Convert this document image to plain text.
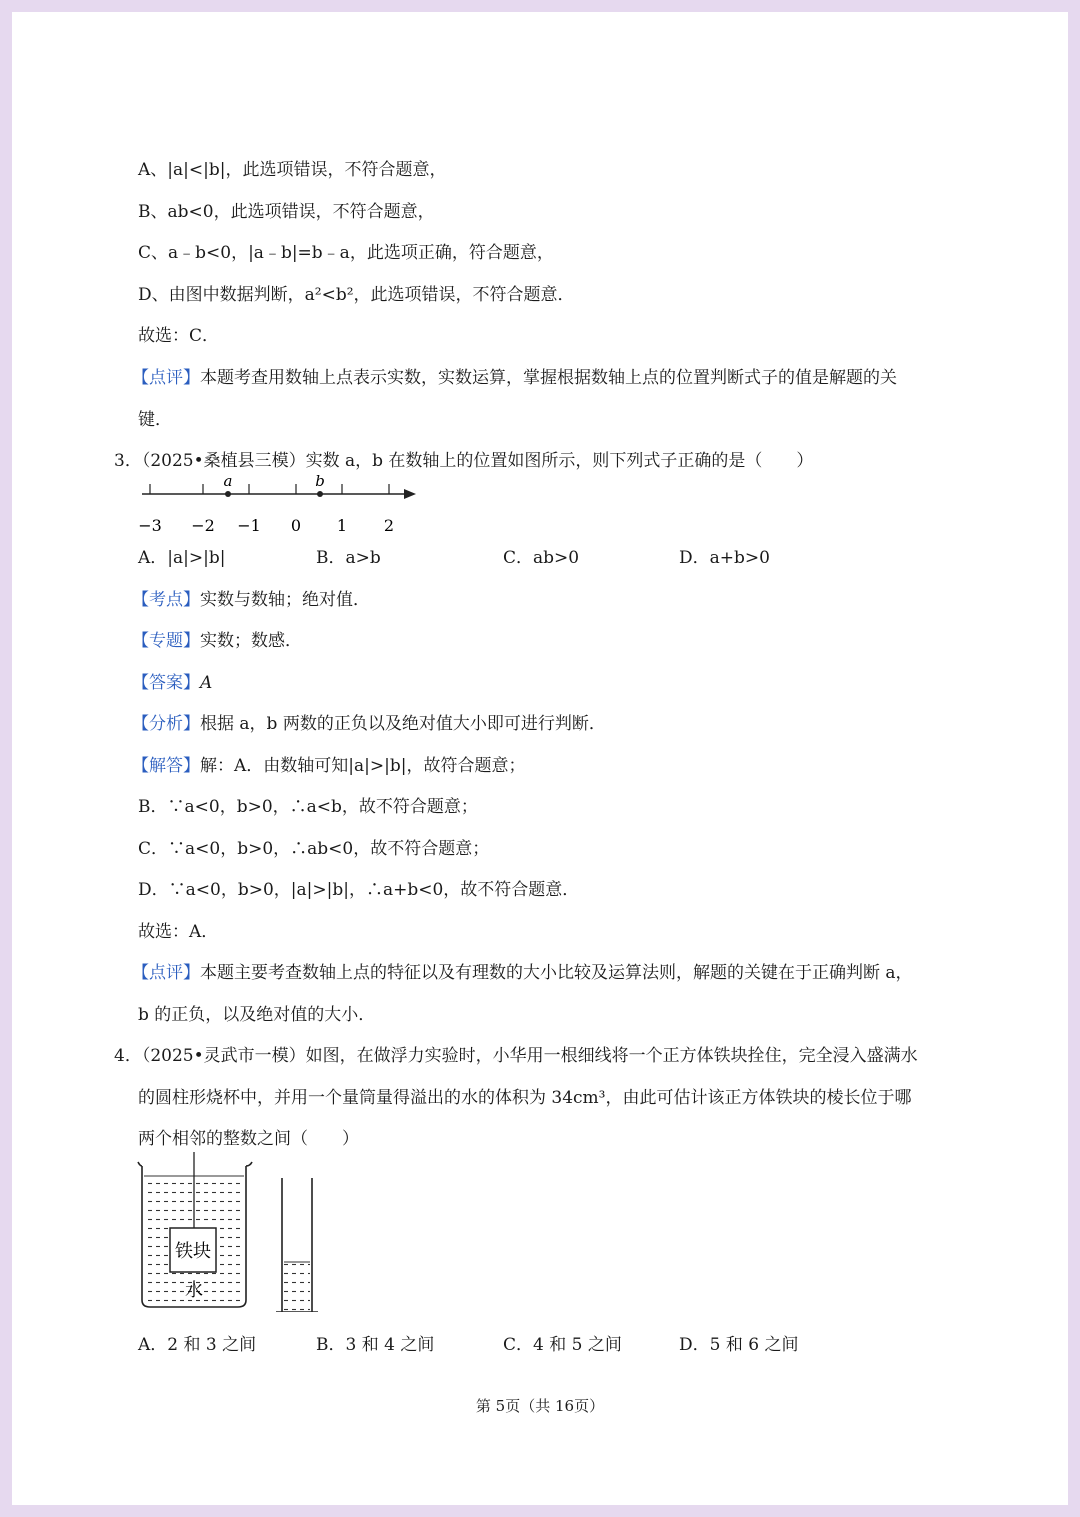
A、|a|<|b|，此选项错误，不符合题意，
B、ab<0，此选项错误，不符合题意，
C、a﹣b<0，|a﹣b|=b﹣a，此选项正确，符合题意，
D、由图中数据判断，a²<b²，此选项错误，不符合题意．
故选：C．
【点评】本题考查用数轴上点表示实数，实数运算，掌握根据数轴上点的位置判断式子的值是解题的关
键．
3．（2025•桑植县三模）实数 a，b 在数轴上的位置如图所示，则下列式子正确的是（　　）
a	b
−3 −2 −1 0 1 2
A．|a|>|b|	B．a>b	C．ab>0	D．a+b>0
【考点】实数与数轴；绝对值．
【专题】实数；数感．
【答案】A
【分析】根据 a，b 两数的正负以及绝对值大小即可进行判断．
【解答】解：A．由数轴可知|a|>|b|，故符合题意；
B．∵a<0，b>0，∴a<b，故不符合题意；
C．∵a<0，b>0，∴ab<0，故不符合题意；
D．∵a<0，b>0，|a|>|b|，∴a+b<0，故不符合题意．
故选：A．
【点评】本题主要考查数轴上点的特征以及有理数的大小比较及运算法则，解题的关键在于正确判断 a，
b 的正负，以及绝对值的大小．
4．（2025•灵武市一模）如图，在做浮力实验时，小华用一根细线将一个正方体铁块拴住，完全浸入盛满水
的圆柱形烧杯中，并用一个量筒量得溢出的水的体积为 34cm³，由此可估计该正方体铁块的棱长位于哪
两个相邻的整数之间（　　）
铁块
水
A．2 和 3 之间	B．3 和 4 之间	C．4 和 5 之间	D．5 和 6 之间
第 5页（共 16页）
